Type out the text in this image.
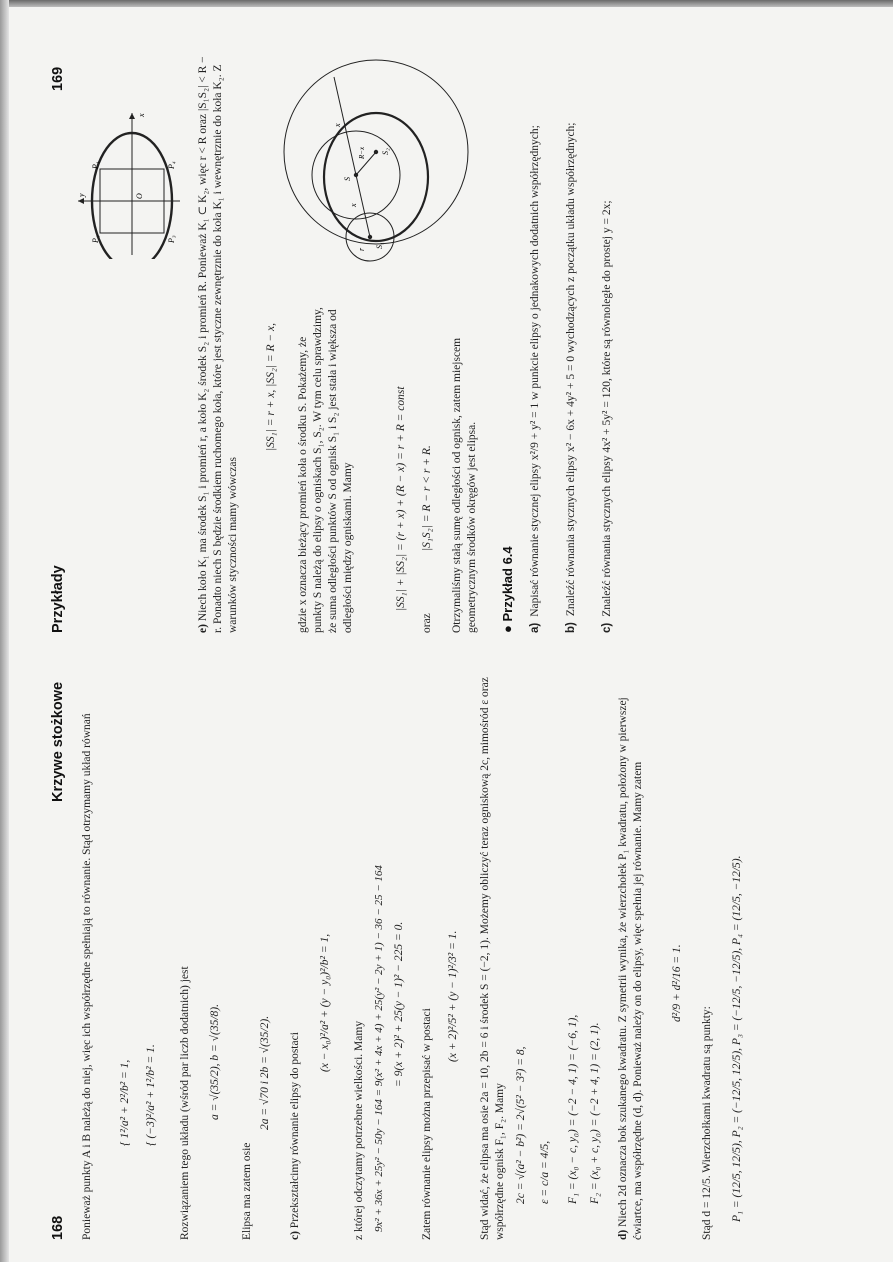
168
Krzywe stożkowe Ponieważ punkty A i B należą do niej, więc ich współrzędne spełniają to równanie. Stąd otrzymamy układ równań { 1²/a² + 2²/b² = 1, { (−3)²/a² + 1²/b² = 1. Rozwiązaniem tego układu (wśród par liczb dodatnich) jest a = √(35/2), b = √(35/8).
Elipsa ma zatem osie
2a = √70 i 2b = √(35/2).
c) Przekształcimy równanie elipsy do postaci
(x − x₀)²/a² + (y − y₀)²/b² = 1,
z której odczytamy potrzebne wielkości. Mamy 9x² + 36x + 25y² − 50y − 164 = 9(x² + 4x + 4) + 25(y² − 2y + 1) − 36 − 25 − 164 = 9(x + 2)² + 25(y − 1)² − 225 = 0.
Zatem równanie elipsy można przepisać w postaci
(x + 2)²/5² + (y − 1)²/3² = 1. Stąd widać, że elipsa ma osie 2a = 10, 2b = 6 i środek S = (−2, 1). Możemy obliczyć teraz ogniskową 2c, mimośród ε oraz współrzędne ognisk F₁, F₂. Mamy 2c = √(a² − b²) = 2√(5² − 3²) = 8, ε = c/a = 4/5, F₁ = (x₀ − c, y₀) = (−2 − 4, 1) = (−6, 1), F₂ = (x₀ + c, y₀) = (−2 + 4, 1) = (2, 1).
d) Niech 2d oznacza bok szukanego kwadratu. Z symetrii wynika, że wierzchołek P₁ kwadratu, położony w pierwszej ćwiartce, ma współrzędne (d, d). Ponieważ należy on do elipsy, więc spełnia jej równanie. Mamy zatem d²/9 + d²/16 = 1.
Stąd d = 12/5. Wierzchołkami kwadratu są punkty: P₁ = (12/5, 12/5), P₂ = (−12/5, 12/5), P₃ = (−12/5, −12/5), P₄ = (12/5, −12/5).
Przykłady
169
x
y	O
P₁
P₂	P₃
P₄
e) Niech koło K₁ ma środek S₁ i promień r, a koło K₂ środek S₂ i promień R. Ponieważ K₁ ⊂ K₂, więc r < R oraz |S₁S₂| < R − r. Ponadto niech S będzie środkiem ruchomego koła, które jest styczne zewnętrznie do koła K₁ i wewnętrznie do koła K₂. Z warunków styczności mamy wówczas
|SS₁| = r + x, |SS₂| = R − x, gdzie x oznacza bieżący promień koła o środku S. Pokażemy, że punkty S należą do elipsy o ogniskach S₁, S₂. W tym celu sprawdzimy, że suma odległości punktów S od ognisk S₁ i S₂ jest stała i większa od odległości między ogniskami. Mamy	|SS₁| + |SS₂| = (r + x) + (R − x) = r + R = const
oraz
|S₁S₂| = R − r < r + R. Otrzymaliśmy stałą sumę odległości od ognisk, zatem miejscem geometrycznym środków okręgów jest elipsa.
r
S₁
x
S
x
R−x S₂
● Przykład 6.4
a)Napisać równanie stycznej elipsy x²/9 + y² = 1 w punkcie elipsy o jednakowych dodatnich współrzędnych;
b)Znaleźć równania stycznych elipsy x² − 6x + 4y² + 5 = 0 wychodzących z początku układu współrzędnych;
c)Znaleźć równania stycznych elipsy 4x² + 5y² = 120, które są równoległe do prostej y = 2x;
